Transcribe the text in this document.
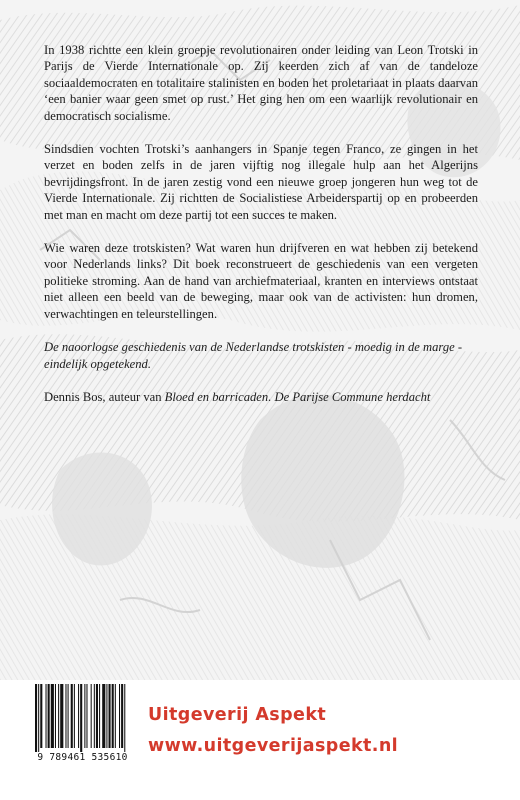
In 1938 richtte een klein groepje revolutionairen onder leiding van Leon Trotski in Parijs de Vierde Internationale op. Zij keerden zich af van de tandeloze sociaaldemocraten en totalitaire stalinisten en boden het proletariaat in plaats daarvan ‘een banier waar geen smet op rust.’ Het ging hen om een waarlijk revolutionair en democratisch socialisme.

Sindsdien vochten Trotski’s aanhangers in Spanje tegen Franco, ze gingen in het verzet en boden zelfs in de jaren vijftig nog illegale hulp aan het Algerijns bevrijdingsfront. In de jaren zestig vond een nieuwe groep jongeren hun weg tot de Vierde Internationale. Zij richtten de Socialistiese Arbeiderspartij op en probeerden met man en macht om deze partij tot een succes te maken.

Wie waren deze trotskisten? Wat waren hun drijfveren en wat hebben zij betekend voor Nederlands links? Dit boek reconstrueert de geschiedenis van een vergeten politieke stroming. Aan de hand van archiefmateriaal, kranten en interviews ontstaat niet alleen een beeld van de beweging, maar ook van de activisten: hun dromen, verwachtingen en teleurstellingen.

De naoorlogse geschiedenis van de Nederlandse trotskisten - moedig in de marge - eindelijk opgetekend.

Dennis Bos, auteur van Bloed en barricaden. De Parijse Commune herdacht

9 789461 535610
Uitgeverij Aspekt
www.uitgeverijaspekt.nl
